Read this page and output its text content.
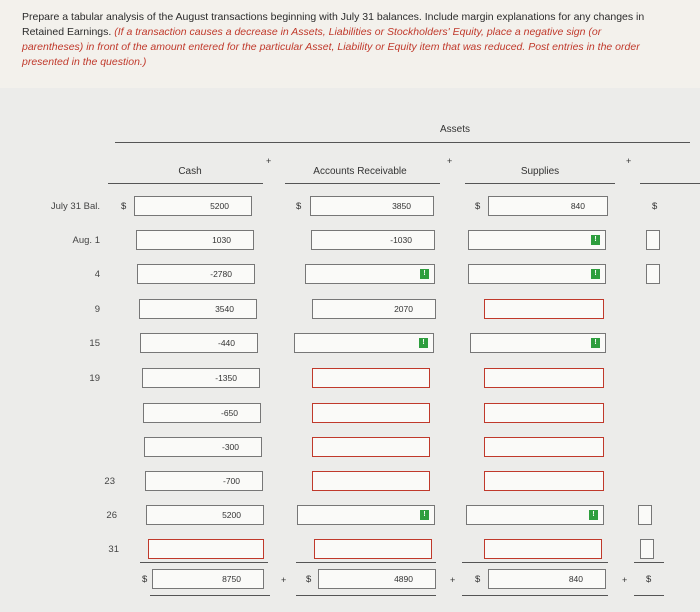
Prepare a tabular analysis of the August transactions beginning with July 31 balances. Include margin explanations for any changes in Retained Earnings. (If a transaction causes a decrease in Assets, Liabilities or Stockholders' Equity, place a negative sign (or parentheses) in front of the amount entered for the particular Asset, Liability or Equity item that was reduced. Post entries in the order presented in the question.)
Assets
Cash	Accounts Receivable	Supplies
+	+	+
July 31 Bal. $	5200	$	3850	$	840	$
Aug. 1	1030	-1030	!
4	-2780	!	!
9	3540	2070
15	-440	!	!
19	-1350
-650
-300
23	-700
26	5200	!	!
31
$	8750	+ $	4890	+ $	840	+ $
